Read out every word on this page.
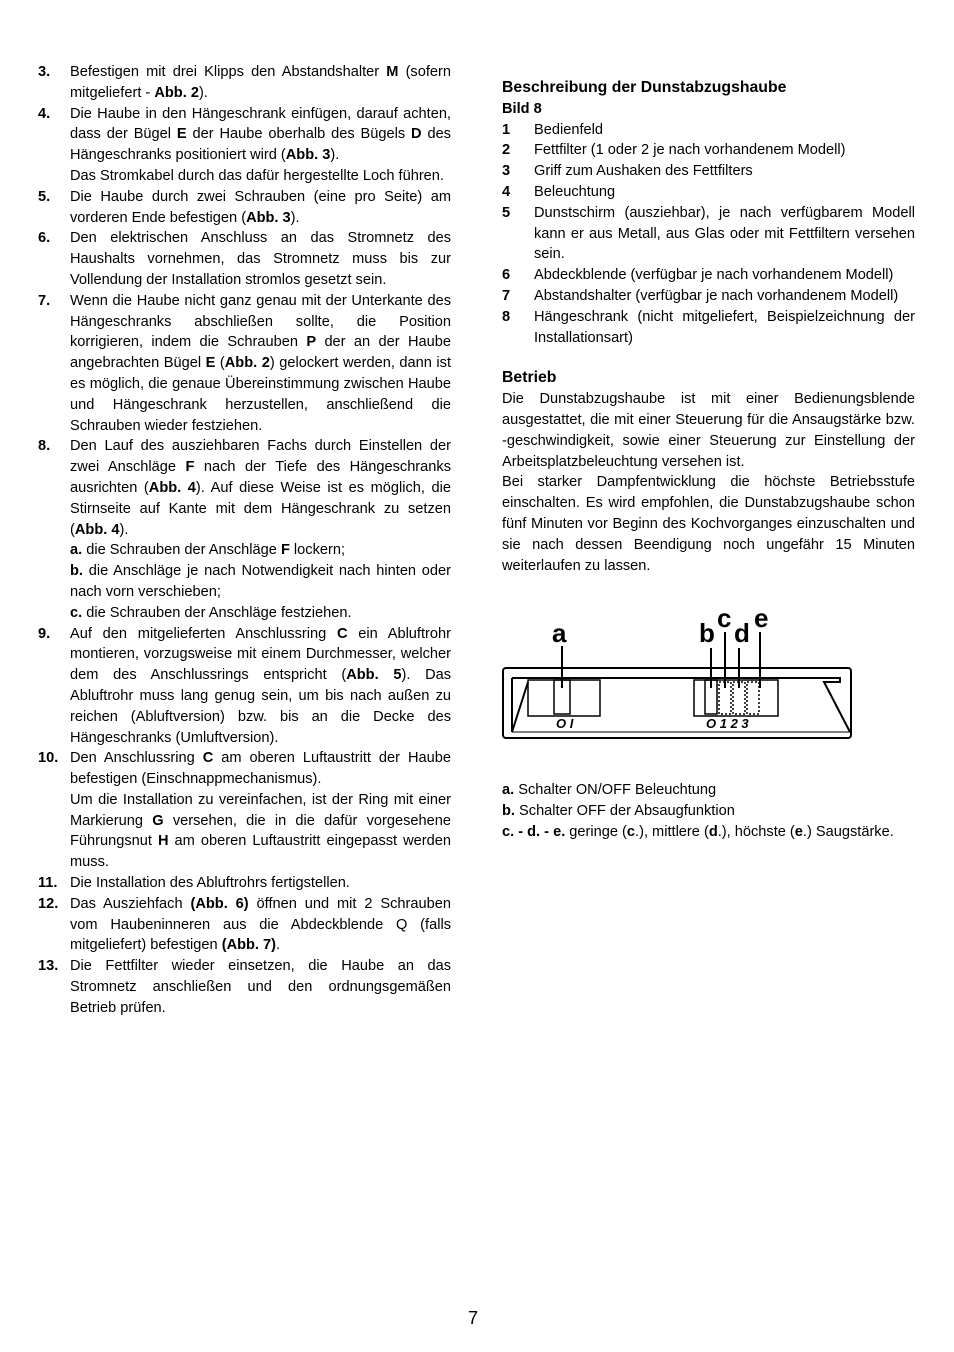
3.	Befestigen mit drei Klipps den Abstandshalter M (sofern mitgeliefert - Abb. 2).
4.	Die Haube in den Hängeschrank einfügen, darauf achten, dass der Bügel E der Haube oberhalb des Bügels D des Hängeschranks positioniert wird (Abb. 3).
Das Stromkabel durch das dafür hergestellte Loch führen.
5.	Die Haube durch zwei Schrauben (eine pro Seite) am vorderen Ende befestigen (Abb. 3).
6.	Den elektrischen Anschluss an das Stromnetz des Haushalts vornehmen, das Stromnetz muss bis zur Vollendung der Installation stromlos gesetzt sein.
7.	Wenn die Haube nicht ganz genau mit der Unterkante des Hängeschranks abschließen sollte, die Position korrigieren, indem die Schrauben P der an der Haube angebrachten Bügel E (Abb. 2) gelockert werden, dann ist es möglich, die genaue Übereinstimmung zwischen Haube und Hängeschrank herzustellen, anschließend die Schrauben wieder festziehen.
8.	Den Lauf des ausziehbaren Fachs durch Einstellen der zwei Anschläge F nach der Tiefe des Hängeschranks ausrichten (Abb. 4). Auf diese Weise ist es möglich, die Stirnseite auf Kante mit dem Hängeschrank zu setzen (Abb. 4).
a. die Schrauben der Anschläge F lockern;
b. die Anschläge je nach Notwendigkeit nach hinten oder nach vorn verschieben;
c. die Schrauben der Anschläge festziehen.
9.	Auf den mitgelieferten Anschlussring C ein Abluftrohr montieren, vorzugsweise mit einem Durchmesser, welcher dem des Anschlussrings entspricht (Abb. 5). Das Abluftrohr muss lang genug sein, um bis nach außen zu reichen (Abluftversion) bzw. bis an die Decke des Hängeschranks (Umluftversion).
10. Den Anschlussring C am oberen Luftaustritt der Haube befestigen (Einschnappmechanismus).
Um die Installation zu vereinfachen, ist der Ring mit einer Markierung G versehen, die in die dafür vorgesehene Führungsnut H am oberen Luftaustritt eingepasst werden muss.
11. Die Installation des Abluftrohrs fertigstellen.
12. Das Ausziehfach (Abb. 6) öffnen und mit 2 Schrauben vom Haubeninneren aus die Abdeckblende Q (falls mitgeliefert) befestigen (Abb. 7).
13. Die Fettfilter wieder einsetzen, die Haube an das Stromnetz anschließen und den ordnungsgemäßen Betrieb prüfen.

Beschreibung der Dunstabzugshaube

Bild 8

1	Bedienfeld
2	Fettfilter (1 oder 2 je nach vorhandenem Modell)
3	Griff zum Aushaken des Fettfilters
4	Beleuchtung
5	Dunstschirm (ausziehbar), je nach verfügbarem Modell kann er aus Metall, aus Glas oder mit Fettfiltern versehen sein.
6	Abdeckblende (verfügbar je nach vorhandenem Modell)
7	Abstandshalter (verfügbar je nach vorhandenem Modell)
8	Hängeschrank (nicht mitgeliefert, Beispielzeichnung der Installationsart)

Betrieb

Die Dunstabzugshaube ist mit einer Bedienungsblende ausgestattet, die mit einer Steuerung für die Ansaugstärke bzw. -geschwindigkeit, sowie einer Steuerung zur Einstellung der Arbeitsplatzbeleuchtung versehen ist.

Bei starker Dampfentwicklung die höchste Betriebsstufe einschalten. Es wird empfohlen, die Dunstabzugshaube schon fünf Minuten vor Beginn des Kochvorganges einzuschalten und sie nach dessen Beendigung noch ungefähr 15 Minuten weiterlaufen zu lassen.

a	b c d e
O I	O 1 2 3

a. Schalter ON/OFF Beleuchtung

b. Schalter OFF der Absaugfunktion

c. - d. - e. geringe (c.), mittlere (d.), höchste (e.) Saugstärke.

7
